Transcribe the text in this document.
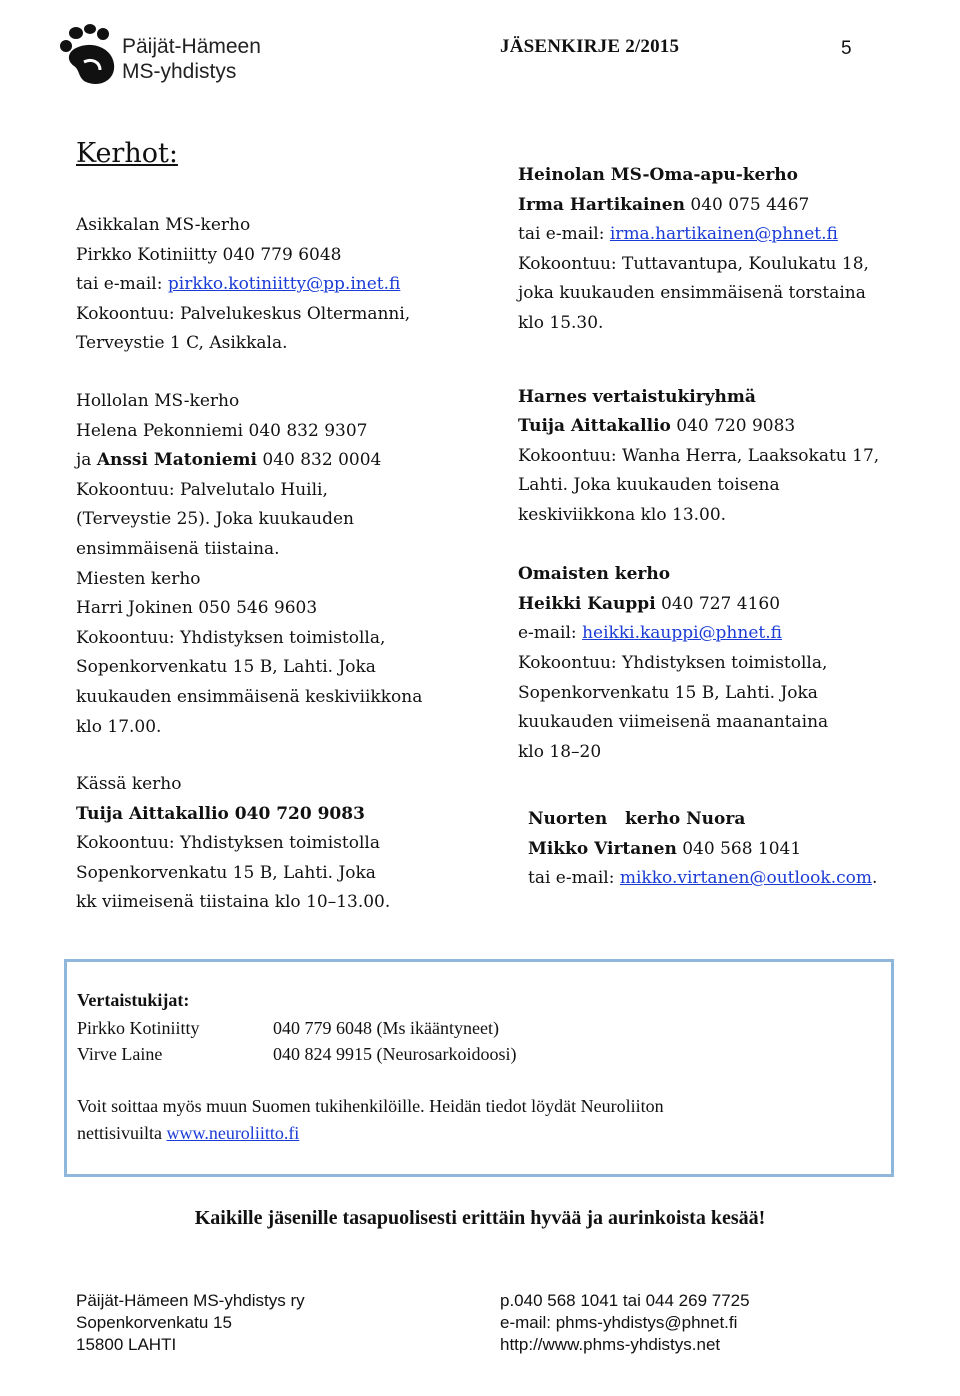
Päijät-Hämeen
MS-yhdistys
JÄSENKIRJE 2/2015	5
Kerhot:
Asikkalan MS-kerho
Pirkko Kotiniitty 040 779 6048
tai e-mail: pirkko.kotiniitty@pp.inet.fi
Kokoontuu: Palvelukeskus Oltermanni,
Terveystie 1 C, Asikkala.
Hollolan MS-kerho
Helena Pekonniemi 040 832 9307
ja Anssi Matoniemi 040 832 0004
Kokoontuu: Palvelutalo Huili,
(Terveystie 25). Joka kuukauden
ensimmäisenä tiistaina.
Miesten kerho
Harri Jokinen 050 546 9603
Kokoontuu: Yhdistyksen toimistolla,
Sopenkorvenkatu 15 B, Lahti. Joka
kuukauden ensimmäisenä keskiviikkona
klo 17.00.
Kässä kerho
Tuija Aittakallio 040 720 9083
Kokoontuu: Yhdistyksen toimistolla
Sopenkorvenkatu 15 B, Lahti. Joka
kk viimeisenä tiistaina klo 10–13.00.
Heinolan MS-Oma-apu-kerho
Irma Hartikainen 040 075 4467
tai e-mail: irma.hartikainen@phnet.fi
Kokoontuu: Tuttavantupa, Koulukatu 18,
joka kuukauden ensimmäisenä torstaina
klo 15.30.
Harnes vertaistukiryhmä
Tuija Aittakallio 040 720 9083
Kokoontuu: Wanha Herra, Laaksokatu 17,
Lahti. Joka kuukauden toisena
keskiviikkona klo 13.00.
Omaisten kerho
Heikki Kauppi 040 727 4160
e-mail: heikki.kauppi@phnet.fi
Kokoontuu: Yhdistyksen toimistolla,
Sopenkorvenkatu 15 B, Lahti. Joka
kuukauden viimeisenä maanantaina
klo 18–20
Nuorten   kerho Nuora
Mikko Virtanen 040 568 1041
tai e-mail: mikko.virtanen@outlook.com.
Vertaistukijat:
Pirkko Kotiniitty	040 779 6048 (Ms ikääntyneet)
Virve Laine	040 824 9915 (Neurosarkoidoosi)
Voit soittaa myös muun Suomen tukihenkilöille. Heidän tiedot löydät Neuroliiton
nettisivuilta www.neuroliitto.fi
Kaikille jäsenille tasapuolisesti erittäin hyvää ja aurinkoista kesää!
Päijät-Hämeen MS-yhdistys ry
Sopenkorvenkatu 15
15800 LAHTI
p.040 568 1041 tai 044 269 7725
e-mail: phms-yhdistys@phnet.fi
http://www.phms-yhdistys.net
